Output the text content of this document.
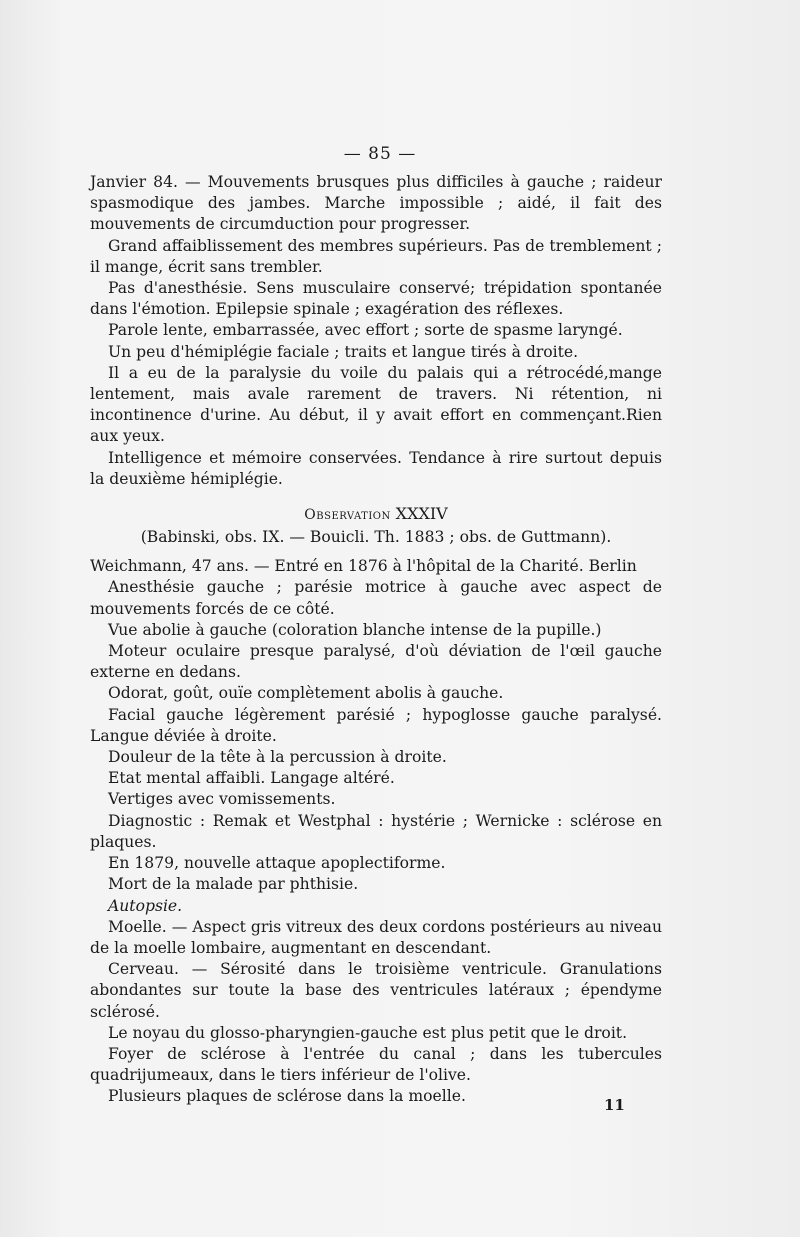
— 85 —

Janvier 84. — Mouvements brusques plus difficiles à gauche ; raideur spasmodique des jambes. Marche impossible ; aidé, il fait des mouvements de circumduction pour progresser.

Grand affaiblissement des membres supérieurs. Pas de tremblement ; il mange, écrit sans trembler.

Pas d'anesthésie. Sens musculaire conservé; trépidation spontanée dans l'émotion. Epilepsie spinale ; exagération des réflexes.

Parole lente, embarrassée, avec effort ; sorte de spasme laryngé.

Un peu d'hémiplégie faciale ; traits et langue tirés à droite.

Il a eu de la paralysie du voile du palais qui a rétrocédé,mange lentement, mais avale rarement de travers. Ni rétention, ni incontinence d'urine. Au début, il y avait effort en commençant.Rien aux yeux.

Intelligence et mémoire conservées. Tendance à rire surtout depuis la deuxième hémiplégie.

Observation XXXIV

(Babinski, obs. IX. — Bouicli. Th. 1883 ; obs. de Guttmann).

Weichmann, 47 ans. — Entré en 1876 à l'hôpital de la Charité. Berlin

Anesthésie gauche ; parésie motrice à gauche avec aspect de mouvements forcés de ce côté.

Vue abolie à gauche (coloration blanche intense de la pupille.)

Moteur oculaire presque paralysé, d'où déviation de l'œil gauche externe en dedans.

Odorat, goût, ouïe complètement abolis à gauche.

Facial gauche légèrement parésié ; hypoglosse gauche paralysé. Langue déviée à droite.

Douleur de la tête à la percussion à droite.

Etat mental affaibli. Langage altéré.

Vertiges avec vomissements.

Diagnostic : Remak et Westphal : hystérie ; Wernicke : sclérose en plaques.

En 1879, nouvelle attaque apoplectiforme.

Mort de la malade par phthisie.

Autopsie.

Moelle. — Aspect gris vitreux des deux cordons postérieurs au niveau de la moelle lombaire, augmentant en descendant.

Cerveau. — Sérosité dans le troisième ventricule. Granulations abondantes sur toute la base des ventricules latéraux ; épendyme sclérosé.

Le noyau du glosso-pharyngien-gauche est plus petit que le droit.

Foyer de sclérose à l'entrée du canal ; dans les tubercules quadrijumeaux, dans le tiers inférieur de l'olive.

Plusieurs plaques de sclérose dans la moelle.	11
